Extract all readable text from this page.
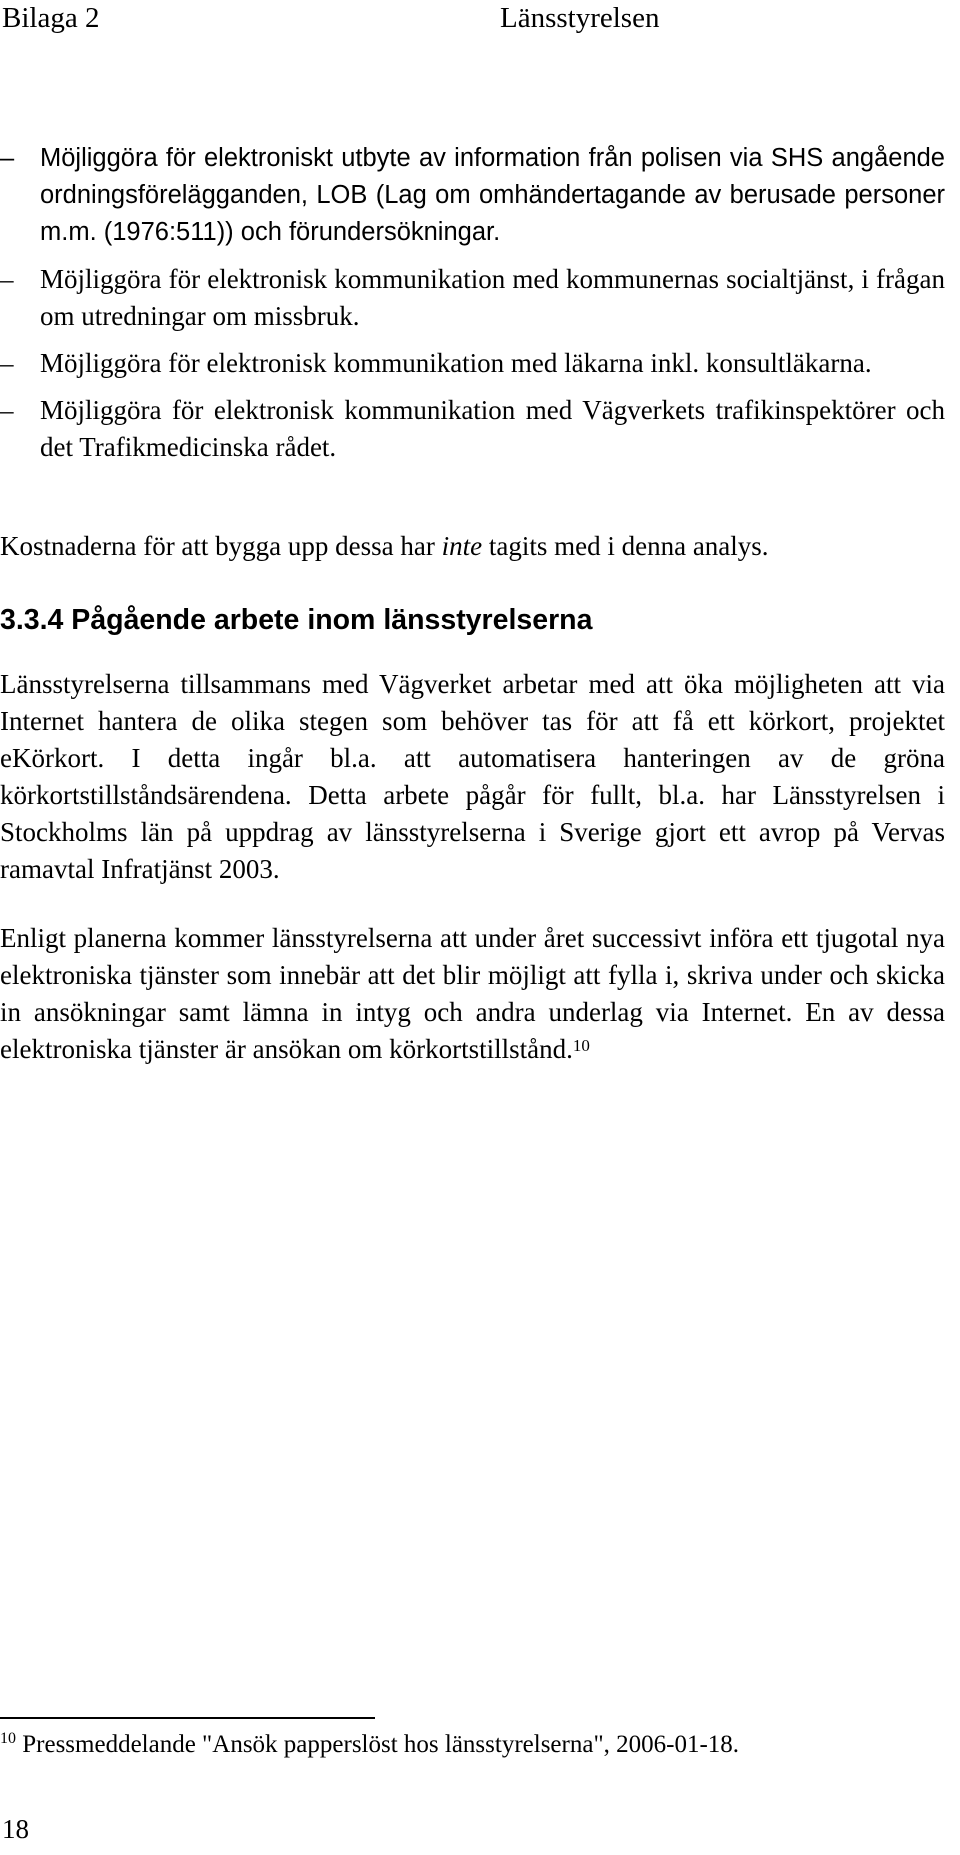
Bilaga 2	Länsstyrelsen
–	Möjliggöra för elektroniskt utbyte av information från polisen via SHS angående ordningsförelägganden, LOB (Lag om omhändertagande av berusade personer m.m. (1976:511)) och förundersökningar.
– Möjliggöra för elektronisk kommunikation med kommunernas socialtjänst, i frågan om utredningar om missbruk.
– Möjliggöra för elektronisk kommunikation med läkarna inkl. konsultläkarna.
– Möjliggöra för elektronisk kommunikation med Vägverkets trafikinspektörer och det Trafikmedicinska rådet.

Kostnaderna för att bygga upp dessa har inte tagits med i denna analys.

3.3.4 Pågående arbete inom länsstyrelserna

Länsstyrelserna tillsammans med Vägverket arbetar med att öka möjligheten att via Internet hantera de olika stegen som behöver tas för att få ett körkort, projektet eKörkort. I detta ingår bl.a. att automatisera hanteringen av de gröna körkortstillståndsärendena. Detta arbete pågår för fullt, bl.a. har Länsstyrelsen i Stockholms län på uppdrag av länsstyrelserna i Sverige gjort ett avrop på Vervas ramavtal Infratjänst 2003.

Enligt planerna kommer länsstyrelserna att under året successivt införa ett tjugotal nya elektroniska tjänster som innebär att det blir möjligt att fylla i, skriva under och skicka in ansökningar samt lämna in intyg och andra underlag via Internet. En av dessa elektroniska tjänster är ansökan om körkortstillstånd.$^{10}$

$^{10}$ Pressmeddelande "Ansök papperslöst hos länsstyrelserna", 2006-01-18.
18
